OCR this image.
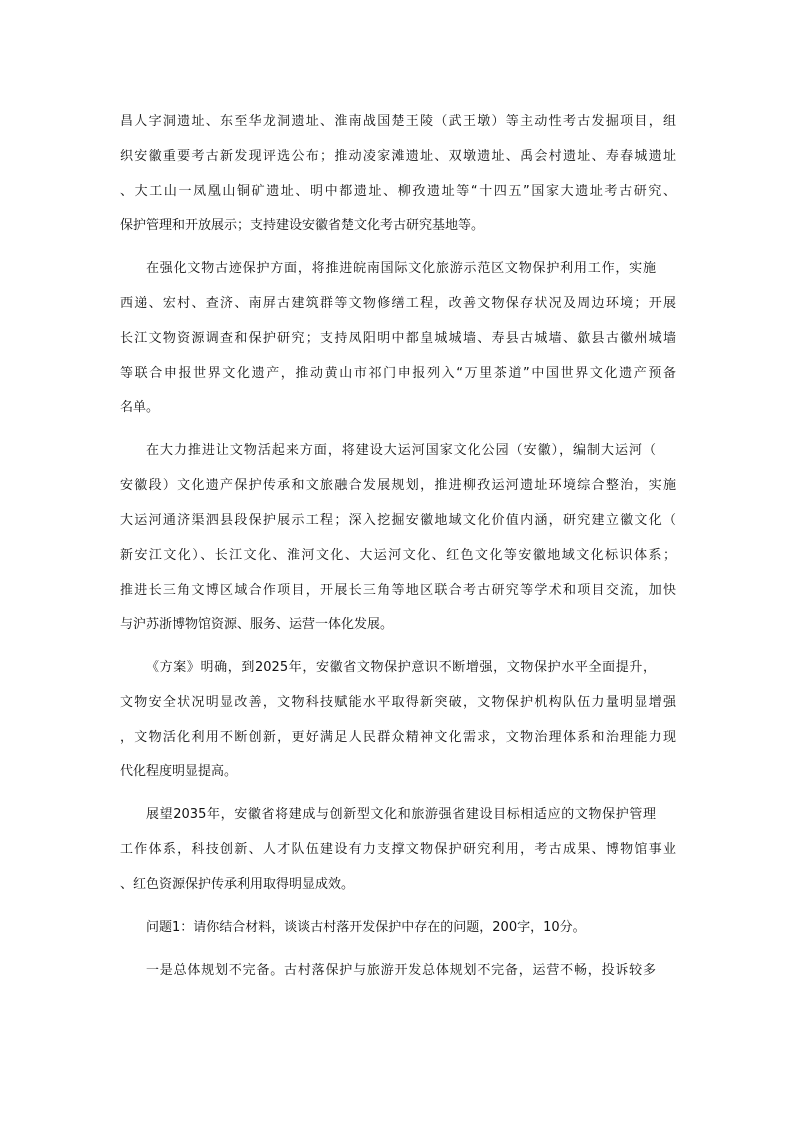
昌人字洞遗址、东至华龙洞遗址、淮南战国楚王陵（武王墩）等主动性考古发掘项目，组
织安徽重要考古新发现评选公布；推动凌家滩遗址、双墩遗址、禹会村遗址、寿春城遗址
、大工山一凤凰山铜矿遗址、明中都遗址、柳孜遗址等“十四五”国家大遗址考古研究、
保护管理和开放展示；支持建设安徽省楚文化考古研究基地等。
在强化文物古迹保护方面，将推进皖南国际文化旅游示范区文物保护利用工作，实施
西递、宏村、查济、南屏古建筑群等文物修缮工程，改善文物保存状况及周边环境；开展
长江文物资源调查和保护研究；支持凤阳明中都皇城城墙、寿县古城墙、歙县古徽州城墙
等联合申报世界文化遗产，推动黄山市祁门申报列入“万里茶道”中国世界文化遗产预备
名单。
在大力推进让文物活起来方面，将建设大运河国家文化公园（安徽），编制大运河（
安徽段）文化遗产保护传承和文旅融合发展规划，推进柳孜运河遗址环境综合整治，实施
大运河通济渠泗县段保护展示工程；深入挖掘安徽地域文化价值内涵，研究建立徽文化（
新安江文化）、长江文化、淮河文化、大运河文化、红色文化等安徽地域文化标识体系；
推进长三角文博区域合作项目，开展长三角等地区联合考古研究等学术和项目交流，加快
与沪苏浙博物馆资源、服务、运营一体化发展。
《方案》明确，到2025年，安徽省文物保护意识不断增强，文物保护水平全面提升，
文物安全状况明显改善，文物科技赋能水平取得新突破，文物保护机构队伍力量明显增强
，文物活化利用不断创新，更好满足人民群众精神文化需求，文物治理体系和治理能力现
代化程度明显提高。
展望2035年，安徽省将建成与创新型文化和旅游强省建设目标相适应的文物保护管理
工作体系，科技创新、人才队伍建设有力支撑文物保护研究利用，考古成果、博物馆事业
、红色资源保护传承利用取得明显成效。
问题1：请你结合材料，谈谈古村落开发保护中存在的问题，200字，10分。
一是总体规划不完备。古村落保护与旅游开发总体规划不完备，运营不畅，投诉较多
